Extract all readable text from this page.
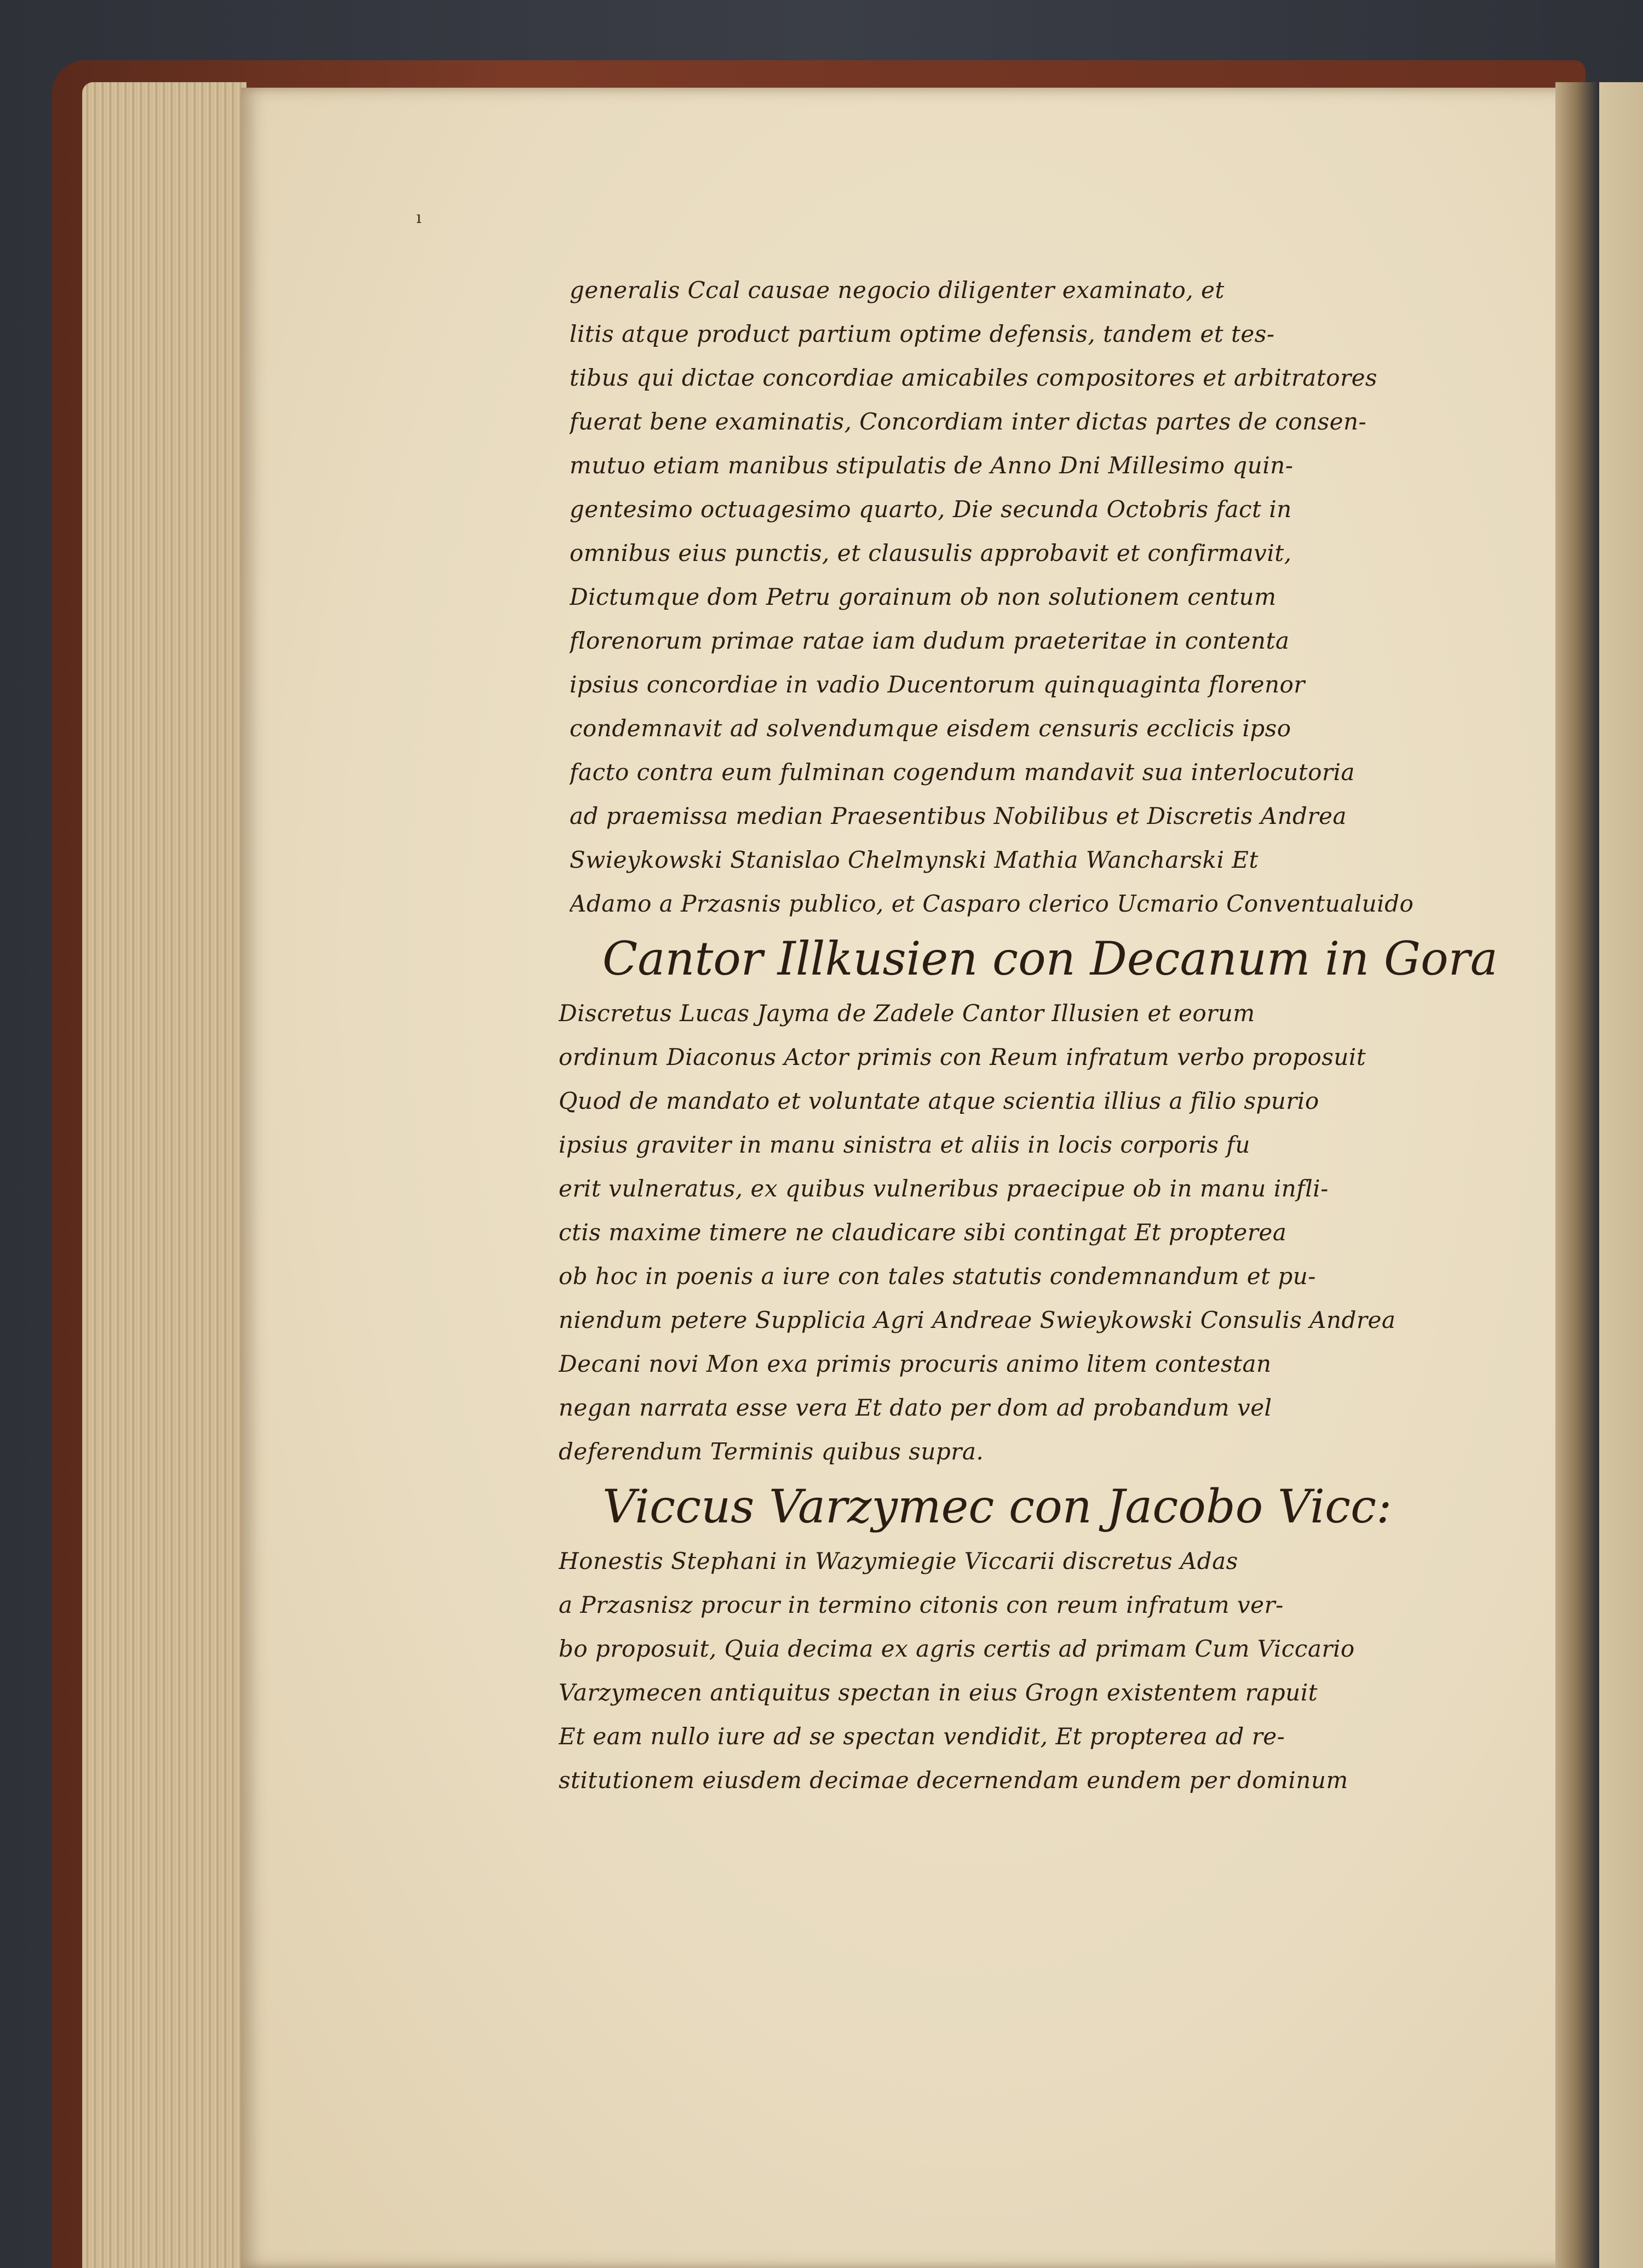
ı
generalis Ccal causae negocio diligenter examinato, et
litis atque product partium optime defensis, tandem et tes-
tibus qui dictae concordiae amicabiles compositores et arbitratores
fuerat bene examinatis, Concordiam inter dictas partes de consen-
mutuo etiam manibus stipulatis de Anno Dni Millesimo quin-
gentesimo octuagesimo quarto, Die secunda Octobris fact in
omnibus eius punctis, et clausulis approbavit et confirmavit,
Dictumque dom Petru gorainum ob non solutionem centum
florenorum primae ratae iam dudum praeteritae in contenta
ipsius concordiae in vadio Ducentorum quinquaginta florenor
condemnavit ad solvendumque eisdem censuris ecclicis ipso
facto contra eum fulminan cogendum mandavit sua interlocutoria
ad praemissa median Praesentibus Nobilibus et Discretis Andrea
Swieykowski Stanislao Chelmynski Mathia Wancharski Et
Adamo a Przasnis publico, et Casparo clerico Ucmario Conventualuido
Cantor Illkusien con Decanum in Gora
Discretus Lucas Jayma de Zadele Cantor Illusien et eorum
ordinum Diaconus Actor primis con Reum infratum verbo proposuit
Quod de mandato et voluntate atque scientia illius a filio spurio
ipsius graviter in manu sinistra et aliis in locis corporis fu
erit vulneratus, ex quibus vulneribus praecipue ob in manu infli-
ctis maxime timere ne claudicare sibi contingat Et propterea
ob hoc in poenis a iure con tales statutis condemnandum et pu-
niendum petere Supplicia Agri Andreae Swieykowski Consulis Andrea
Decani novi Mon exa primis procuris animo litem contestan
negan narrata esse vera Et dato per dom ad probandum vel
deferendum Terminis quibus supra.
Viccus Varzymec con Jacobo Vicc:
Honestis Stephani in Wazymiegie Viccarii discretus Adas
a Przasnisz procur in termino citonis con reum infratum ver-
bo proposuit, Quia decima ex agris certis ad primam Cum Viccario
Varzymecen antiquitus spectan in eius Grogn existentem rapuit
Et eam nullo iure ad se spectan vendidit, Et propterea ad re-
stitutionem eiusdem decimae decernendam eundem per dominum
